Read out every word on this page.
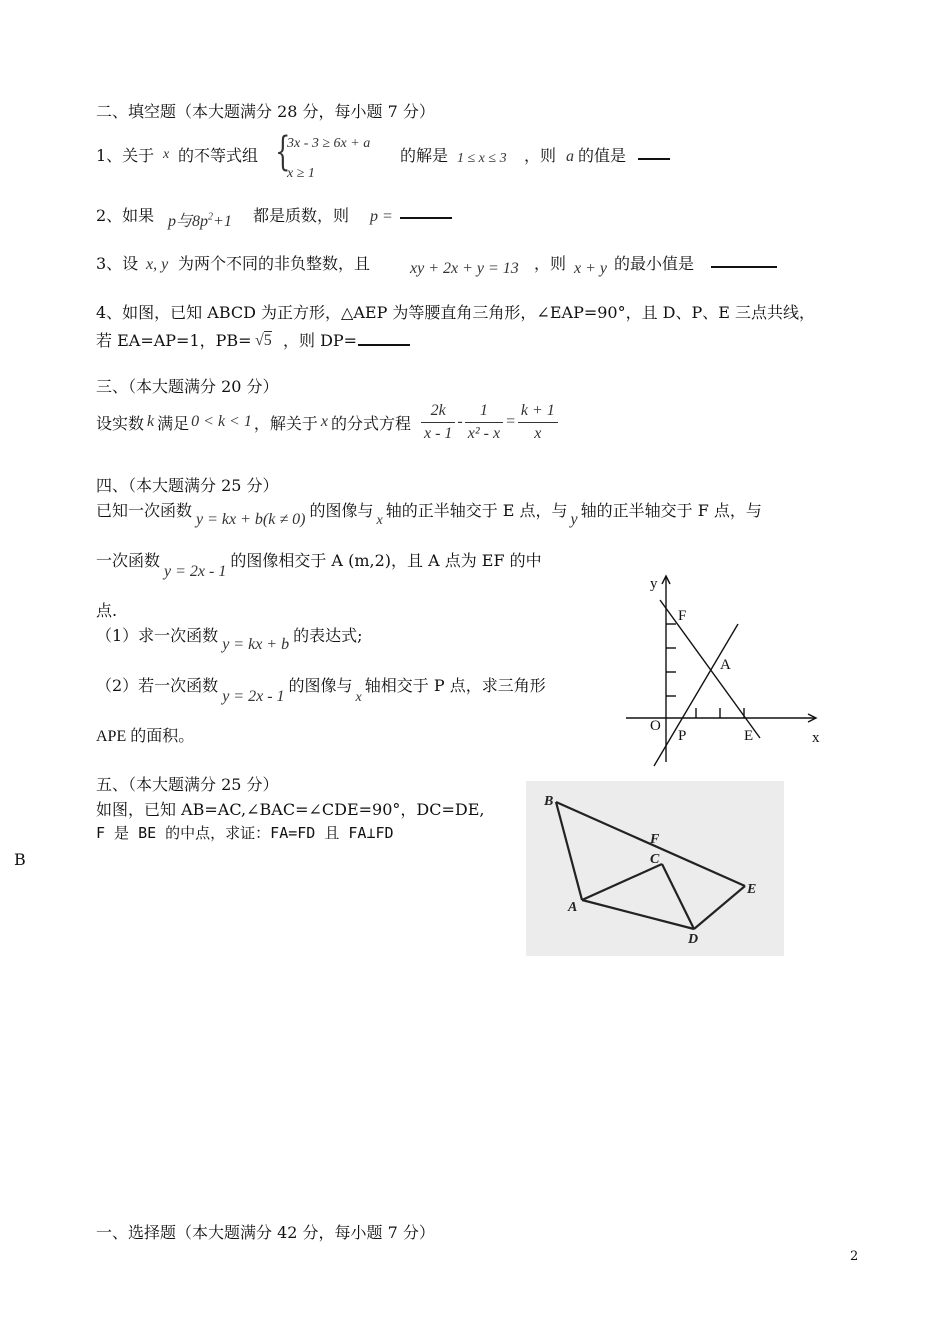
二、填空题（本大题满分 28 分，每小题 7 分）
1、关于 x 的不等式组 {
3x - 3 ≥ 6x + a
x ≥ 1
的解是 1 ≤ x ≤ 3 ，则 a 的值是
2、如果 p与$8p^2+1$ 都是质数，则 p =
3、设 x, y 为两个不同的非负整数，且 xy + 2x + y = 13 ，则 x + y 的最小值是
4、如图，已知 ABCD 为正方形，△AEP 为等腰直角三角形，∠EAP=90°，且 D、P、E 三点共线，
若 EA=AP=1，PB= √5 ，则 DP=
三、（本大题满分 20 分）
设实数 k 满足 0 < k < 1 ，解关于 x 的分式方程 $\frac{2k}{x - 1} - \frac{1}{\text{x² - x}} = \frac{k + 1}{x}$
四、（本大题满分 25 分）
已知一次函数 y = kx + b(k ≠ 0) 的图像与x轴的正半轴交于 E 点，与 y 轴的正半轴交于 F 点，与
一次函数y = 2x - 1的图像相交于 A (m,2)，且 A 点为 EF 的中
点.
（1）求一次函数 y = kx + b 的表达式;
（2）若一次函数y = 2x - 1的图像与x轴相交于 P 点，求三角形
APE 的面积。
y
F
A
O
P	E	x
五、（本大题满分 25 分）
如图，已知 AB=AC,∠BAC=∠CDE=90°，DC=DE,
F 是 BE 的中点，求证：FA=FD 且 FA⊥FD
B
B
F
C
A
E
D
一、选择题（本大题满分 42 分，每小题 7 分）
2
